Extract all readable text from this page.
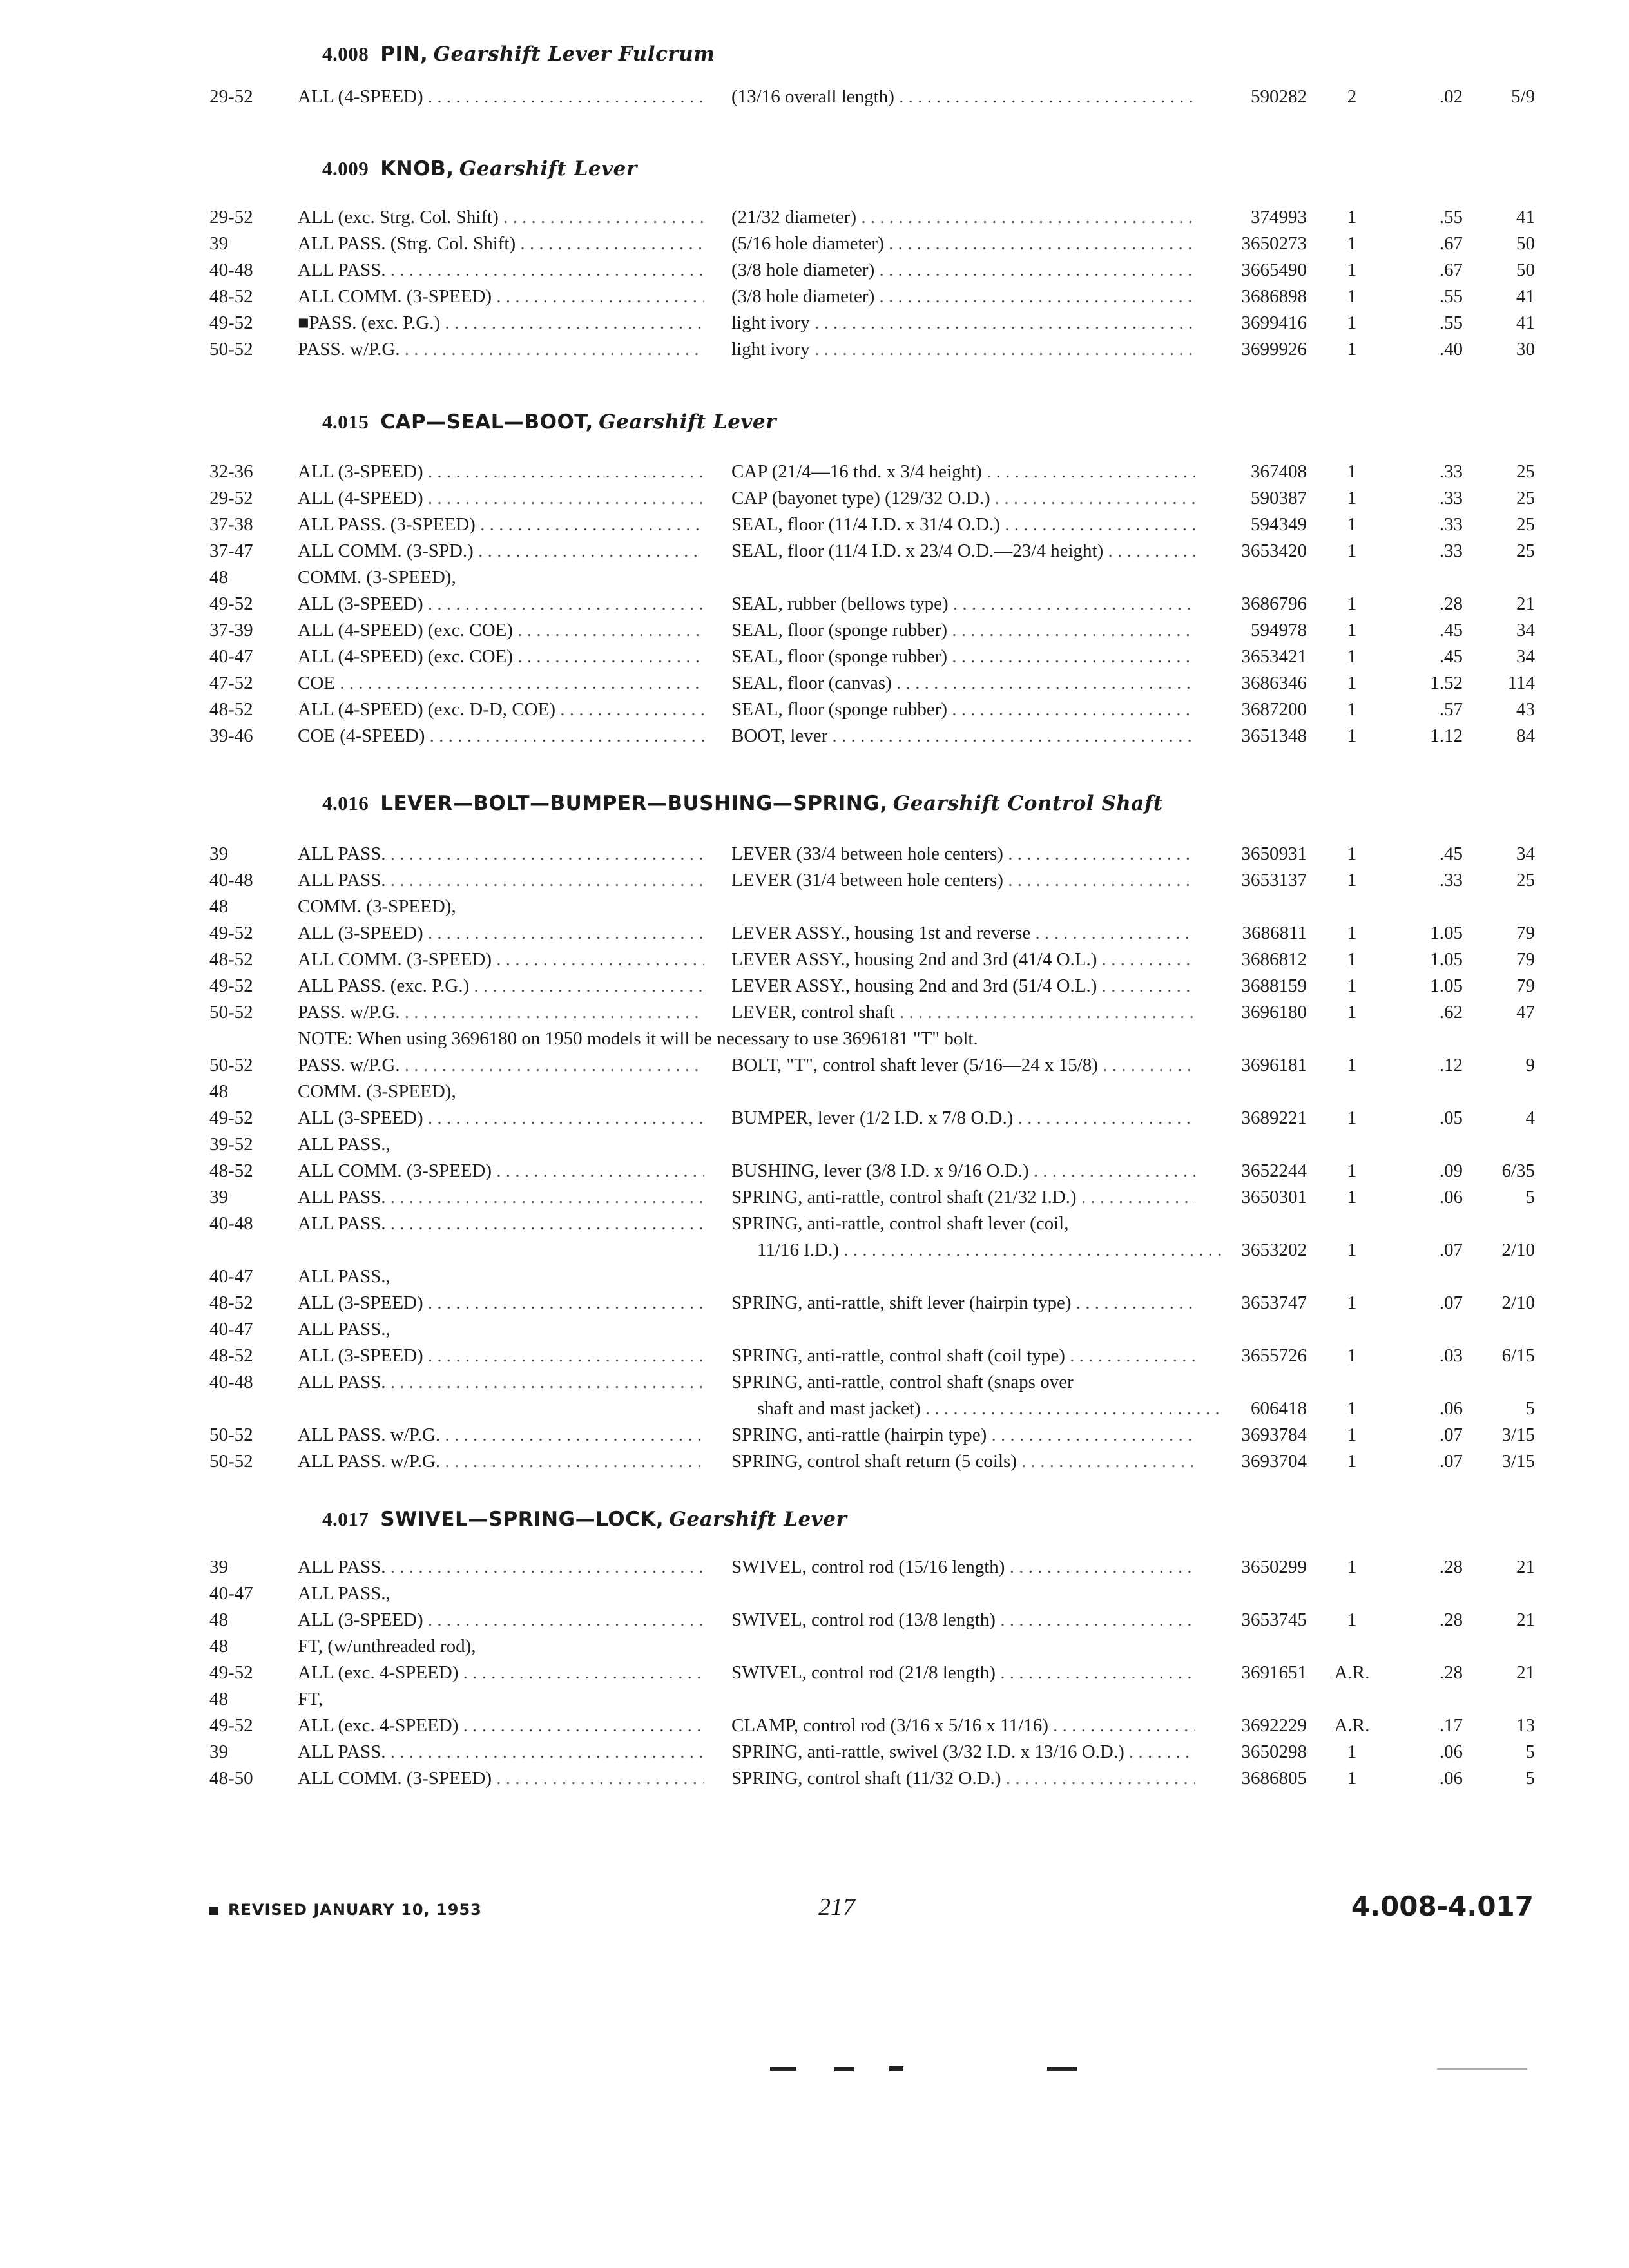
4.008 PIN, Gearshift Lever Fulcrum
29-52	ALL (4-SPEED) . . .	(13/16 overall length) . . .	590282	2	.02	5/9
4.009 KNOB, Gearshift Lever
29-52	ALL (exc. Strg. Col. Shift) . . .	(21/32 diameter) . . .	374993	1	.55	41
39	ALL PASS. (Strg. Col. Shift) . . .	(5/16 hole diameter) . . .	3650273	1	.67	50
40-48	ALL PASS. . . .	(3/8 hole diameter) . . .	3665490	1	.67	50
48-52	ALL COMM. (3-SPEED) . . .	(3/8 hole diameter) . . .	3686898	1	.55	41
49-52	■PASS. (exc. P.G.) . . .	light ivory . . .	3699416	1	.55	41
50-52	PASS. w/P.G. . . .	light ivory . . .	3699926	1	.40	30
4.015 CAP—SEAL—BOOT, Gearshift Lever
32-36	ALL (3-SPEED) . . .	CAP (21/4—16 thd. x 3/4 height) . . .	367408	1	.33	25
29-52	ALL (4-SPEED) . . .	CAP (bayonet type) (129/32 O.D.) . . .	590387	1	.33	25
37-38	ALL PASS. (3-SPEED) . . .	SEAL, floor (11/4 I.D. x 31/4 O.D.) . . .	594349	1	.33	25
37-47	ALL COMM. (3-SPD.) . . .	SEAL, floor (11/4 I.D. x 23/4 O.D.—23/4 height) . . .	3653420	1	.33	25
48	COMM. (3-SPEED),
49-52	ALL (3-SPEED) . . .	SEAL, rubber (bellows type) . . .	3686796	1	.28	21
37-39	ALL (4-SPEED) (exc. COE) . . .	SEAL, floor (sponge rubber) . . .	594978	1	.45	34
40-47	ALL (4-SPEED) (exc. COE) . . .	SEAL, floor (sponge rubber) . . .	3653421	1	.45	34
47-52	COE . . .	SEAL, floor (canvas) . . .	3686346	1	1.52	114
48-52	ALL (4-SPEED) (exc. D-D, COE) . . .	SEAL, floor (sponge rubber) . . .	3687200	1	.57	43
39-46	COE (4-SPEED) . . .	BOOT, lever . . .	3651348	1	1.12	84
4.016 LEVER—BOLT—BUMPER—BUSHING—SPRING, Gearshift Control Shaft
39	ALL PASS. . . .	LEVER (33/4 between hole centers) . . .	3650931	1	.45	34
40-48	ALL PASS. . . .	LEVER (31/4 between hole centers) . . .	3653137	1	.33	25
48	COMM. (3-SPEED),
49-52	ALL (3-SPEED) . . .	LEVER ASSY., housing 1st and reverse . . .	3686811	1	1.05	79
48-52	ALL COMM. (3-SPEED) . . .	LEVER ASSY., housing 2nd and 3rd (41/4 O.L.) . . .	3686812	1	1.05	79
49-52	ALL PASS. (exc. P.G.) . . .	LEVER ASSY., housing 2nd and 3rd (51/4 O.L.) . . .	3688159	1	1.05	79
50-52	PASS. w/P.G. . . .	LEVER, control shaft . . .	3696180	1	.62	47
NOTE: When using 3696180 on 1950 models it will be necessary to use 3696181 "T" bolt.
50-52	PASS. w/P.G. . . .	BOLT, "T", control shaft lever (5/16—24 x 15/8) . . .	3696181	1	.12	9
48	COMM. (3-SPEED),
49-52	ALL (3-SPEED) . . .	BUMPER, lever (1/2 I.D. x 7/8 O.D.) . . .	3689221	1	.05	4
39-52	ALL PASS.,
48-52	ALL COMM. (3-SPEED) . . .	BUSHING, lever (3/8 I.D. x 9/16 O.D.) . . .	3652244	1	.09	6/35
39	ALL PASS. . . .	SPRING, anti-rattle, control shaft (21/32 I.D.) . . .	3650301	1	.06	5
40-48	ALL PASS. . . .	SPRING, anti-rattle, control shaft lever (coil,
11/16 I.D.) . . .	3653202	1	.07	2/10
40-47	ALL PASS.,
48-52	ALL (3-SPEED) . . .	SPRING, anti-rattle, shift lever (hairpin type) . . .	3653747	1	.07	2/10
40-47	ALL PASS.,
48-52	ALL (3-SPEED) . . .	SPRING, anti-rattle, control shaft (coil type) . . .	3655726	1	.03	6/15
40-48	ALL PASS. . . .	SPRING, anti-rattle, control shaft (snaps over
shaft and mast jacket) . . .	606418	1	.06	5
50-52	ALL PASS. w/P.G. . . .	SPRING, anti-rattle (hairpin type) . . .	3693784	1	.07	3/15
50-52	ALL PASS. w/P.G. . . .	SPRING, control shaft return (5 coils) . . .	3693704	1	.07	3/15
4.017 SWIVEL—SPRING—LOCK, Gearshift Lever
39	ALL PASS. . . .	SWIVEL, control rod (15/16 length) . . .	3650299	1	.28	21
40-47	ALL PASS.,
48	ALL (3-SPEED) . . .	SWIVEL, control rod (13/8 length) . . .	3653745	1	.28	21
48	FT, (w/unthreaded rod),
49-52	ALL (exc. 4-SPEED) . . .	SWIVEL, control rod (21/8 length) . . .	3691651	A.R.	.28	21
48	FT,
49-52	ALL (exc. 4-SPEED) . . .	CLAMP, control rod (3/16 x 5/16 x 11/16) . . .	3692229	A.R.	.17	13
39	ALL PASS. . . .	SPRING, anti-rattle, swivel (3/32 I.D. x 13/16 O.D.) . . .	3650298	1	.06	5
48-50	ALL COMM. (3-SPEED) . . .	SPRING, control shaft (11/32 O.D.) . . .	3686805	1	.06	5
REVISED JANUARY 10, 1953	217	4.008-4.017
